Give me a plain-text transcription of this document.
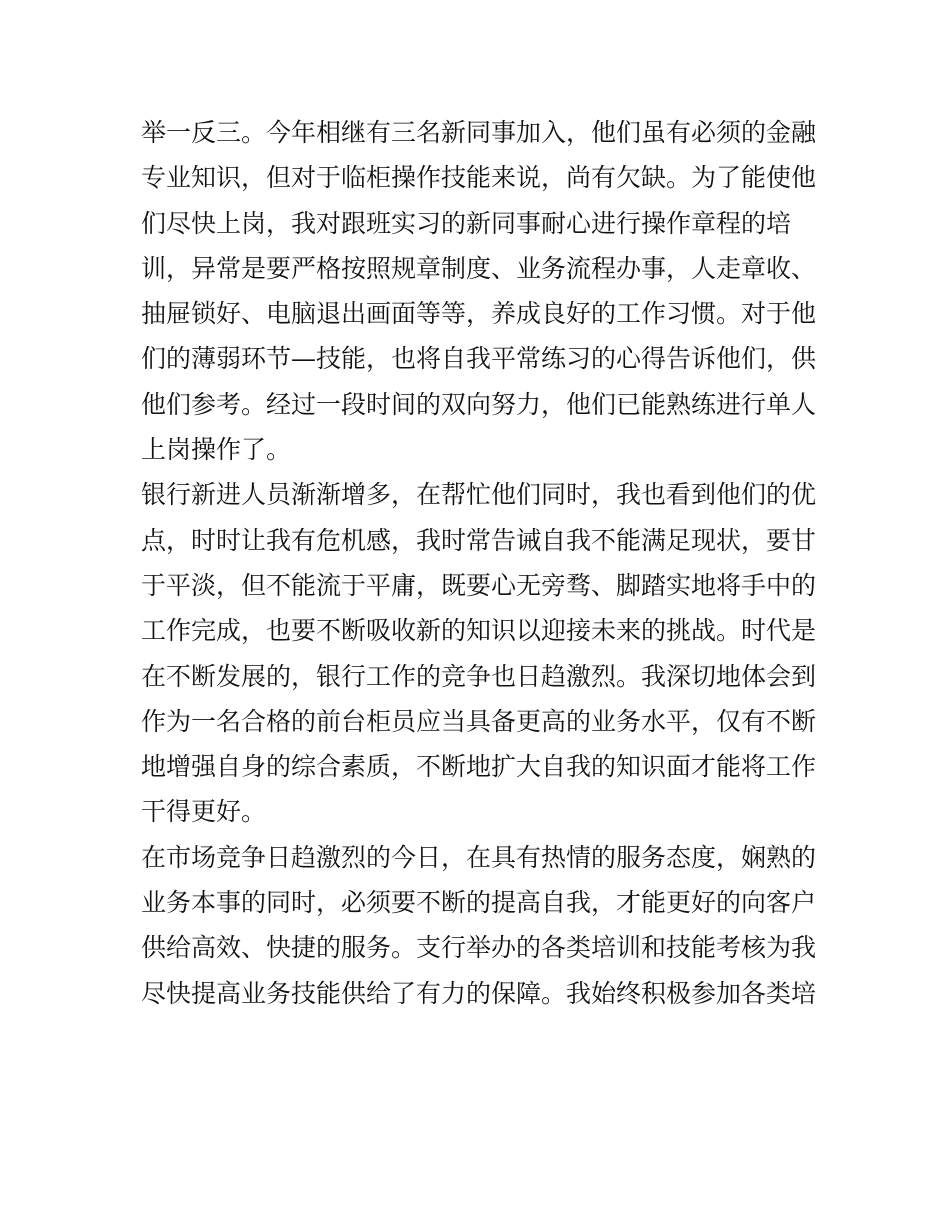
举一反三。今年相继有三名新同事加入，他们虽有必须的金融
专业知识，但对于临柜操作技能来说，尚有欠缺。为了能使他
们尽快上岗，我对跟班实习的新同事耐心进行操作章程的培
训，异常是要严格按照规章制度、业务流程办事，人走章收、
抽屉锁好、电脑退出画面等等，养成良好的工作习惯。对于他
们的薄弱环节—技能，也将自我平常练习的心得告诉他们，供
他们参考。经过一段时间的双向努力，他们已能熟练进行单人
上岗操作了。
银行新进人员渐渐增多，在帮忙他们同时，我也看到他们的优
点，时时让我有危机感，我时常告诫自我不能满足现状，要甘
于平淡，但不能流于平庸，既要心无旁骛、脚踏实地将手中的
工作完成，也要不断吸收新的知识以迎接未来的挑战。时代是
在不断发展的，银行工作的竞争也日趋激烈。我深切地体会到
作为一名合格的前台柜员应当具备更高的业务水平，仅有不断
地增强自身的综合素质，不断地扩大自我的知识面才能将工作
干得更好。
在市场竞争日趋激烈的今日，在具有热情的服务态度，娴熟的
业务本事的同时，必须要不断的提高自我，才能更好的向客户
供给高效、快捷的服务。支行举办的各类培训和技能考核为我
尽快提高业务技能供给了有力的保障。我始终积极参加各类培
